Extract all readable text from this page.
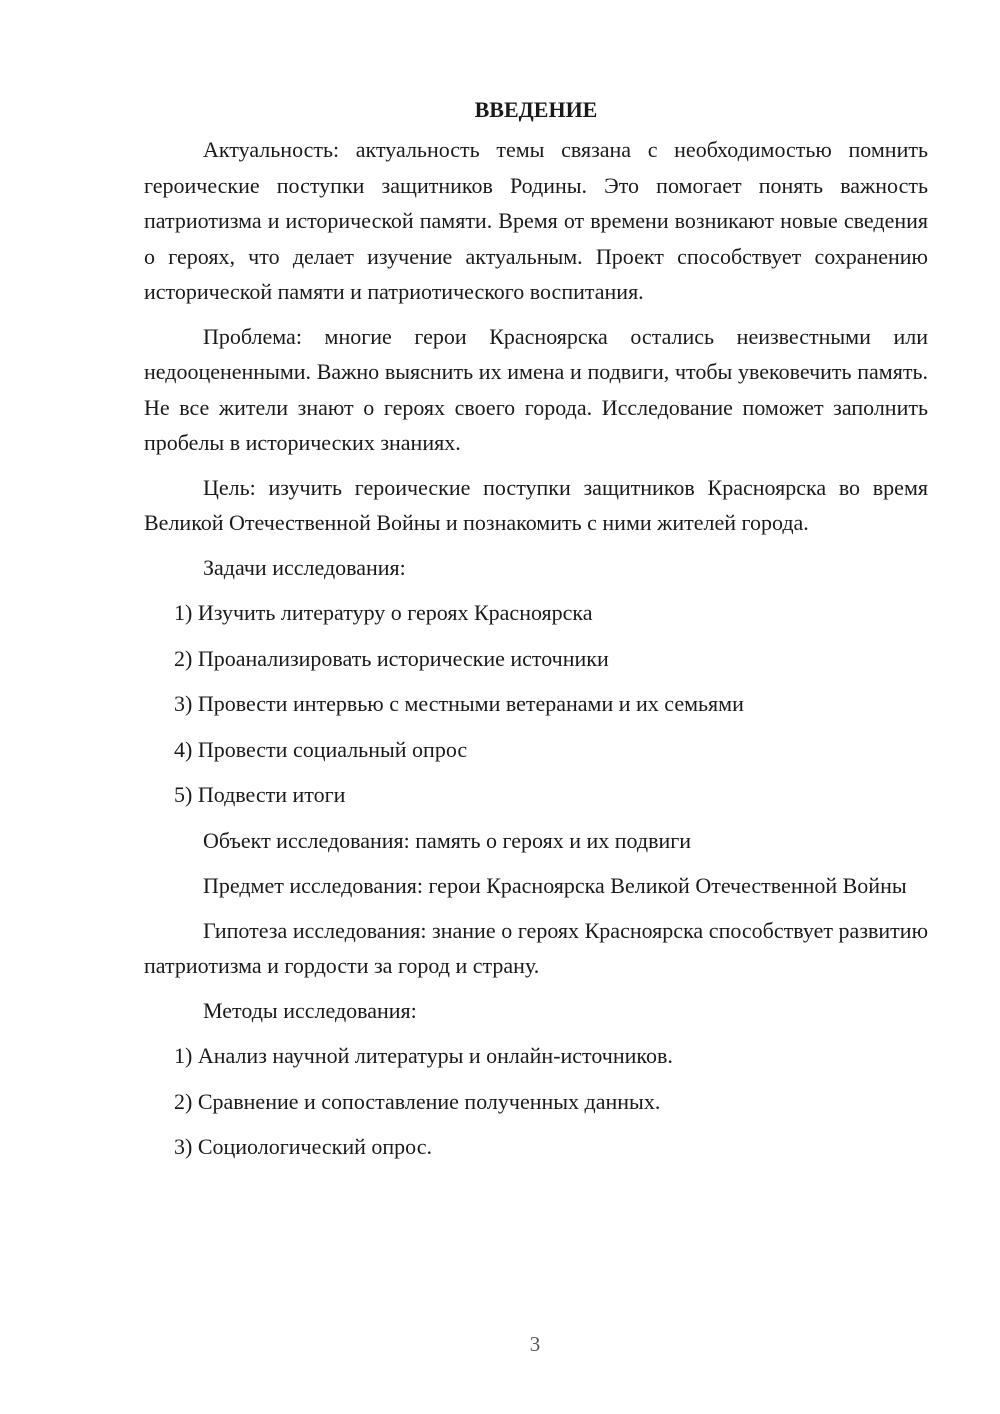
ВВЕДЕНИЕ

Актуальность: актуальность темы связана с необходимостью помнить героические поступки защитников Родины. Это помогает понять важность патриотизма и исторической памяти. Время от времени возникают новые сведения о героях, что делает изучение актуальным. Проект способствует сохранению исторической памяти и патриотического воспитания.

Проблема: многие герои Красноярска остались неизвестными или недооцененными. Важно выяснить их имена и подвиги, чтобы увековечить память. Не все жители знают о героях своего города. Исследование поможет заполнить пробелы в исторических знаниях.

Цель: изучить героические поступки защитников Красноярска во время Великой Отечественной Войны и познакомить с ними жителей города.

Задачи исследования:
1) Изучить литературу о героях Красноярска
2) Проанализировать исторические источники
3) Провести интервью с местными ветеранами и их семьями
4) Провести социальный опрос
5) Подвести итоги
Объект исследования: память о героях и их подвиги

Предмет исследования: герои Красноярска Великой Отечественной Войны

Гипотеза исследования: знание о героях Красноярска способствует развитию патриотизма и гордости за город и страну.

Методы исследования:
1) Анализ научной литературы и онлайн-источников.
2) Сравнение и сопоставление полученных данных.
3) Социологический опрос.
3
